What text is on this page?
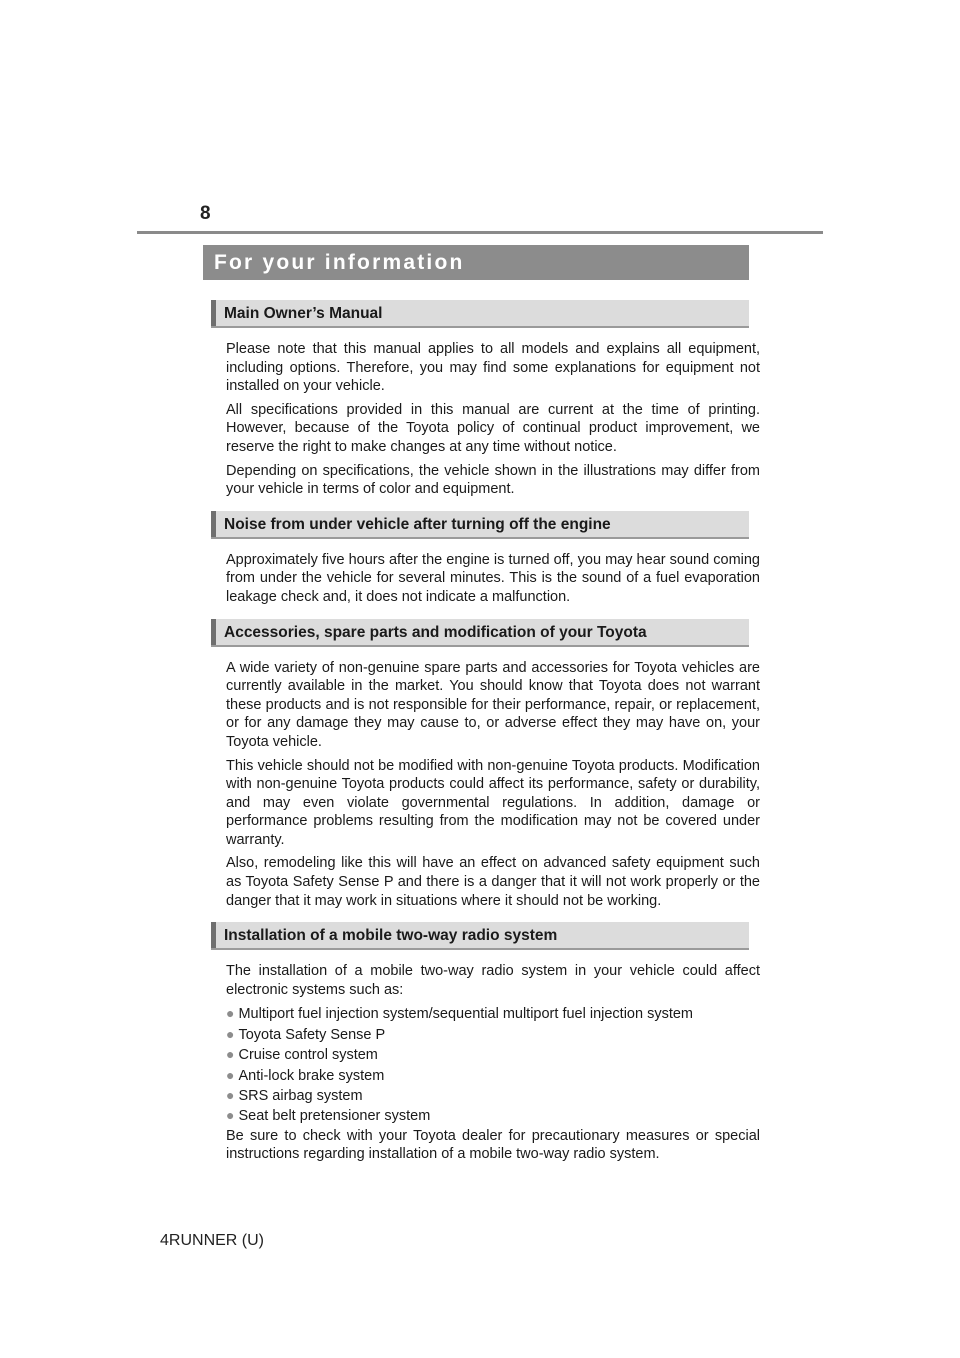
8
For your information
Main Owner’s Manual

Please note that this manual applies to all models and explains all equipment, including options. Therefore, you may find some explanations for equipment not installed on your vehicle.

All specifications provided in this manual are current at the time of printing. However, because of the Toyota policy of continual product improvement, we reserve the right to make changes at any time without notice.

Depending on specifications, the vehicle shown in the illustrations may differ from your vehicle in terms of color and equipment.

Noise from under vehicle after turning off the engine

Approximately five hours after the engine is turned off, you may hear sound coming from under the vehicle for several minutes. This is the sound of a fuel evaporation leakage check and, it does not indicate a malfunction.

Accessories, spare parts and modification of your Toyota

A wide variety of non-genuine spare parts and accessories for Toyota vehicles are currently available in the market. You should know that Toyota does not warrant these products and is not responsible for their performance, repair, or replacement, or for any damage they may cause to, or adverse effect they may have on, your Toyota vehicle.

This vehicle should not be modified with non-genuine Toyota products. Modification with non-genuine Toyota products could affect its performance, safety or durability, and may even violate governmental regulations. In addition, damage or performance problems resulting from the modification may not be covered under warranty.

Also, remodeling like this will have an effect on advanced safety equipment such as Toyota Safety Sense P and there is a danger that it will not work properly or the danger that it may work in situations where it should not be working.

Installation of a mobile two-way radio system

The installation of a mobile two-way radio system in your vehicle could affect electronic systems such as:

● Multiport fuel injection system/sequential multiport fuel injection system
● Toyota Safety Sense P
● Cruise control system
● Anti-lock brake system
● SRS airbag system
● Seat belt pretensioner system

Be sure to check with your Toyota dealer for precautionary measures or special instructions regarding installation of a mobile two-way radio system.

4RUNNER (U)
